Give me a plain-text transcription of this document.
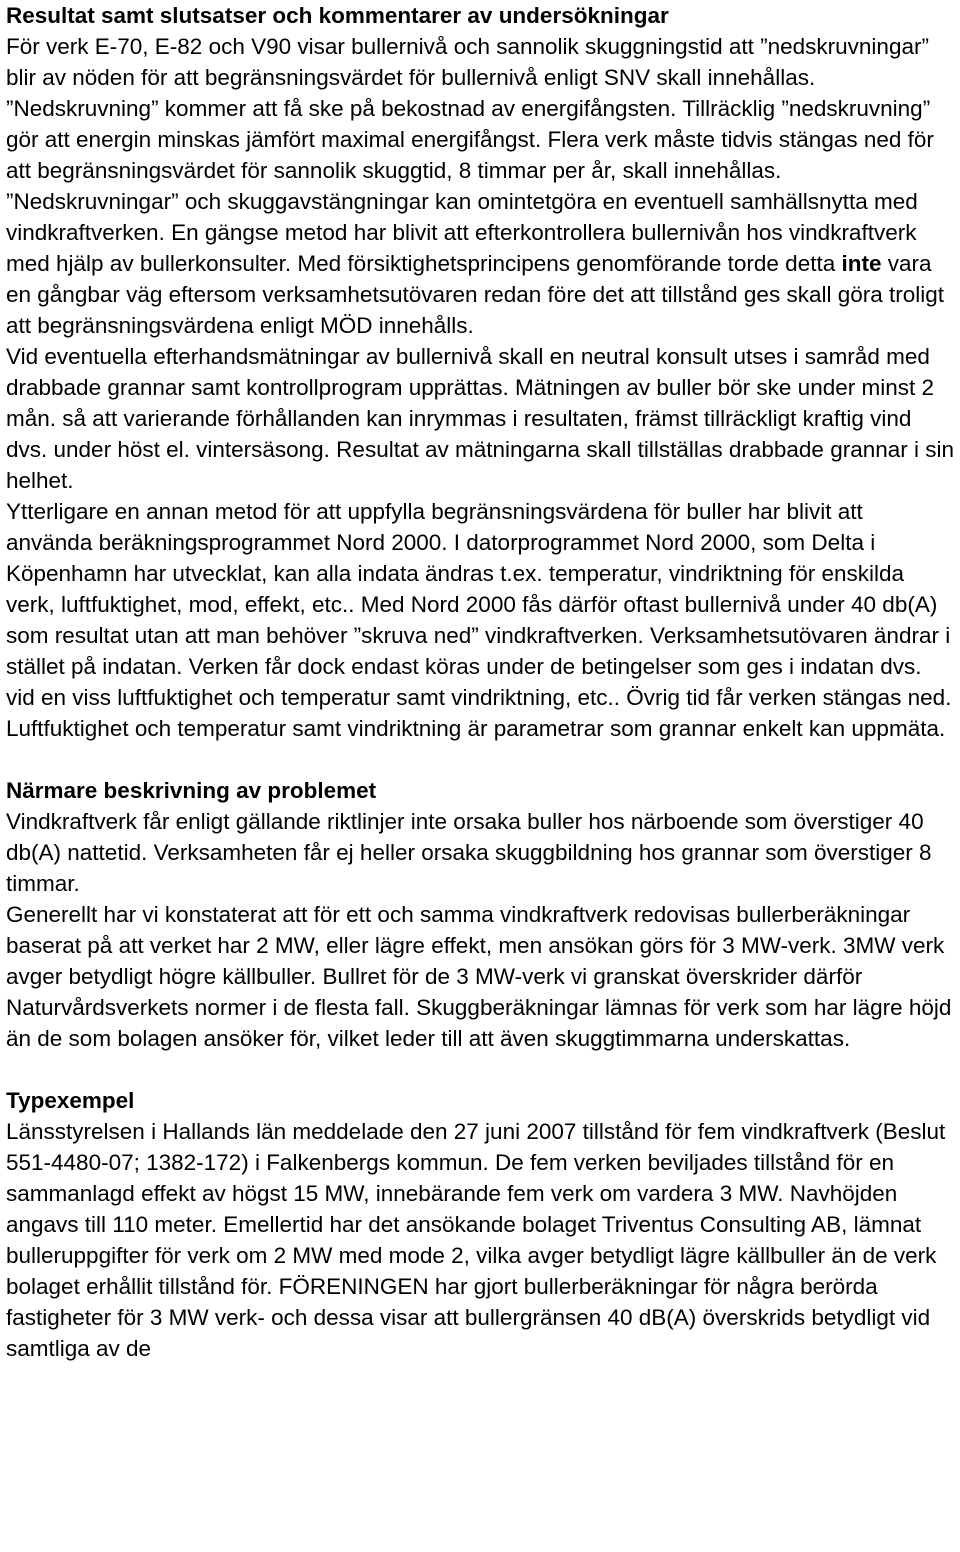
Resultat samt slutsatser och kommentarer av undersökningar

För verk E-70, E-82 och V90 visar bullernivå och sannolik skuggningstid att ”nedskruvningar” blir av nöden för att begränsningsvärdet för bullernivå enligt SNV skall innehållas. ”Nedskruvning” kommer att få ske på bekostnad av energifångsten. Tillräcklig ”nedskruvning” gör att energin minskas jämfört maximal energifångst. Flera verk måste tidvis stängas ned för att begränsningsvärdet för sannolik skuggtid, 8 timmar per år, skall innehållas. ”Nedskruvningar” och skuggavstängningar kan omintetgöra en eventuell samhällsnytta med vindkraftverken. En gängse metod har blivit att efterkontrollera bullernivån hos vindkraftverk med hjälp av bullerkonsulter. Med försiktighetsprincipens genomförande torde detta inte vara en gångbar väg eftersom verksamhetsutövaren redan före det att tillstånd ges skall göra troligt att begränsningsvärdena enligt MÖD innehålls.

Vid eventuella efterhandsmätningar av bullernivå skall en neutral konsult utses i samråd med drabbade grannar samt kontrollprogram upprättas. Mätningen av buller bör ske under minst 2 mån. så att varierande förhållanden kan inrymmas i resultaten, främst tillräckligt kraftig vind dvs. under höst el. vintersäsong. Resultat av mätningarna skall tillställas drabbade grannar i sin helhet.

Ytterligare en annan metod för att uppfylla begränsningsvärdena för buller har blivit att använda beräkningsprogrammet Nord 2000. I datorprogrammet Nord 2000, som Delta i Köpenhamn har utvecklat, kan alla indata ändras t.ex. temperatur, vindriktning för enskilda verk, luftfuktighet, mod, effekt, etc.. Med Nord 2000 fås därför oftast bullernivå under 40 db(A) som resultat utan att man behöver ”skruva ned” vindkraftverken. Verksamhetsutövaren ändrar i stället på indatan. Verken får dock endast köras under de betingelser som ges i indatan dvs. vid en viss luftfuktighet och temperatur samt vindriktning, etc.. Övrig tid får verken stängas ned. Luftfuktighet och temperatur samt vindriktning är parametrar som grannar enkelt kan uppmäta.

Närmare beskrivning av problemet

Vindkraftverk får enligt gällande riktlinjer inte orsaka buller hos närboende som överstiger 40 db(A) nattetid. Verksamheten får ej heller orsaka skuggbildning hos grannar som överstiger 8 timmar.

Generellt har vi konstaterat att för ett och samma vindkraftverk redovisas bullerberäkningar baserat på att verket har 2 MW, eller lägre effekt, men ansökan görs för 3 MW-verk. 3MW verk avger betydligt högre källbuller. Bullret för de 3 MW-verk vi granskat överskrider därför Naturvårdsverkets normer i de flesta fall. Skuggberäkningar lämnas för verk som har lägre höjd än de som bolagen ansöker för, vilket leder till att även skuggtimmarna underskattas.

Typexempel

Länsstyrelsen i Hallands län meddelade den 27 juni 2007 tillstånd för fem vindkraftverk (Beslut 551-4480-07; 1382-172) i Falkenbergs kommun. De fem verken beviljades tillstånd för en sammanlagd effekt av högst 15 MW, innebärande fem verk om vardera 3 MW. Navhöjden angavs till 110 meter. Emellertid har det ansökande bolaget Triventus Consulting AB, lämnat bulleruppgifter för verk om 2 MW med mode 2, vilka avger betydligt lägre källbuller än de verk bolaget erhållit tillstånd för. FÖRENINGEN har gjort bullerberäkningar för några berörda fastigheter för 3 MW verk- och dessa visar att bullergränsen 40 dB(A) överskrids betydligt vid samtliga av de
